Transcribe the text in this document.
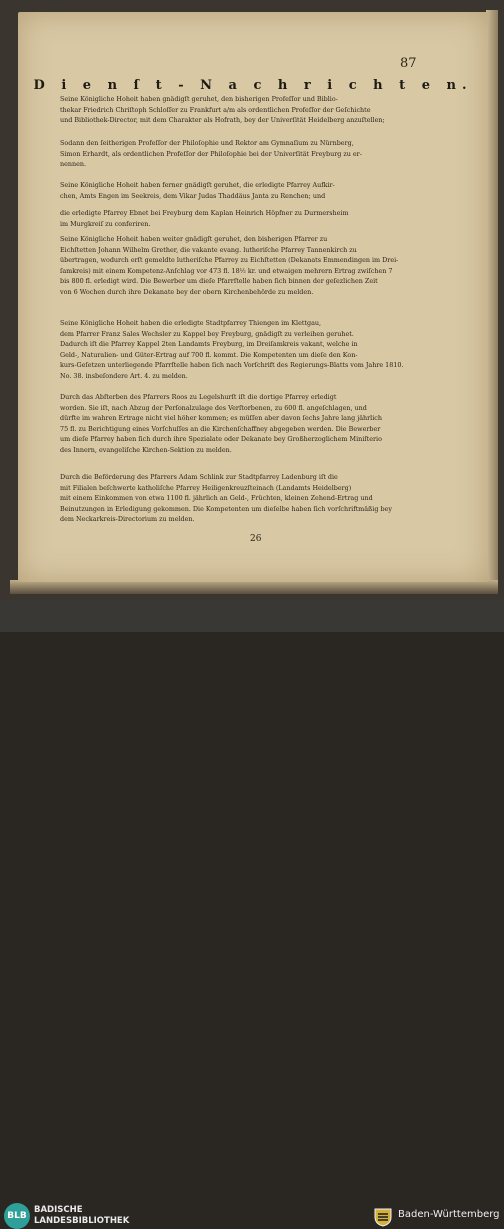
87
D i e n ſ t - N a c h r i c h t e n.

Seine Königliche Hoheit haben gnädigſt geruhet, den bisherigen Profeſſor und Biblio-
thekar Friedrich Chriſtoph Schloſſer zu Frankfurt a/m als ordentlichen Profeſſor der Geſchichte
und Bibliothek-Director, mit dem Charakter als Hofrath, bey der Univerſität Heidelberg anzuſtellen;

Sodann den ſeitherigen Profeſſor der Philoſophie und Rektor am Gymnaſium zu Nürnberg,
Simon Erhardt, als ordentlichen Profeſſor der Philoſophie bei der Univerſität Freyburg zu er-
nennen.

Seine Königliche Hoheit haben ferner gnädigſt geruhet, die erledigte Pfarrey Aufkir-
chen, Amts Engen im Seekreis, dem Vikar Judas Thaddäus Janta zu Renchen; und

die erledigte Pfarrey Ebnet bei Freyburg dem Kaplan Heinrich Höpfner zu Durmersheim
im Murgkreiſ zu conferiren.

Seine Königliche Hoheit haben weiter gnädigſt geruhet, den bisherigen Pfarrer zu
Eichſtetten Johann Wilhelm Grether, die vakante evang. lutheriſche Pfarrey Tannenkirch zu
übertragen, wodurch erſt gemeldte lutheriſche Pfarrey zu Eichſtetten (Dekanats Emmendingen im Drei-
ſamkreis) mit einem Kompetenz-Anſchlag vor 473 fl. 18½ kr. und etwaigen mehrern Ertrag zwiſchen 7
bis 800 fl. erledigt wird. Die Bewerber um dieſe Pfarrſtelle haben ſich binnen der geſezlichen Zeit
von 6 Wochen durch ihre Dekanate bey der obern Kirchenbehörde zu melden.

Seine Königliche Hoheit haben die erledigte Stadtpfarrey Thiengen im Klettgau,
dem Pfarrer Franz Sales Wechsler zu Kappel bey Freyburg, gnädigſt zu verleihen geruhet.
Dadurch iſt die Pfarrey Kappel 2ten Landamts Freyburg, im Dreiſamkreis vakant, welche in
Geld-, Naturalien- und Güter-Ertrag auf 700 fl. kommt. Die Kompetenten um dieſe den Kon-
kurs-Geſetzen unterliegende Pfarrſtelle haben ſich nach Vorſchrift des Regierungs-Blatts vom Jahre 1810.
No. 38. insbeſondere Art. 4. zu melden.

Durch das Abſterben des Pfarrers Roos zu Legelshurſt iſt die dortige Pfarrey erledigt
worden. Sie iſt, nach Abzug der Perſonalzulage des Verſtorbenen, zu 600 fl. angeſchlagen, und
dürfte im wahren Ertrage nicht viel höher kommen; es müſſen aber davon ſechs Jahre lang jährlich
75 fl. zu Berichtigung eines Vorſchuſſes an die Kirchenſchaffney abgegeben werden. Die Bewerber
um dieſe Pfarrey haben ſich durch ihre Spezialate oder Dekanate bey Großherzoglichem Miniſterio
des Innern, evangeliſche Kirchen-Sektion zu melden.

Durch die Beförderung des Pfarrers Adam Schlink zur Stadtpfarrey Ladenburg iſt die
mit Filialen beſchwerte katholiſche Pfarrey Heiligenkreuzſteinach (Landamts Heidelberg)
mit einem Einkommen von etwa 1100 fl. jährlich an Geld-, Früchten, kleinen Zehend-Ertrag und
Beinutzungen in Erledigung gekommen. Die Kompetenten um dieſelbe haben ſich vorſchriftmäßig bey
dem Neckarkreis-Directorium zu melden.

26
BLB
BADISCHE
LANDESBIBLIOTHEK
Baden-Württemberg
